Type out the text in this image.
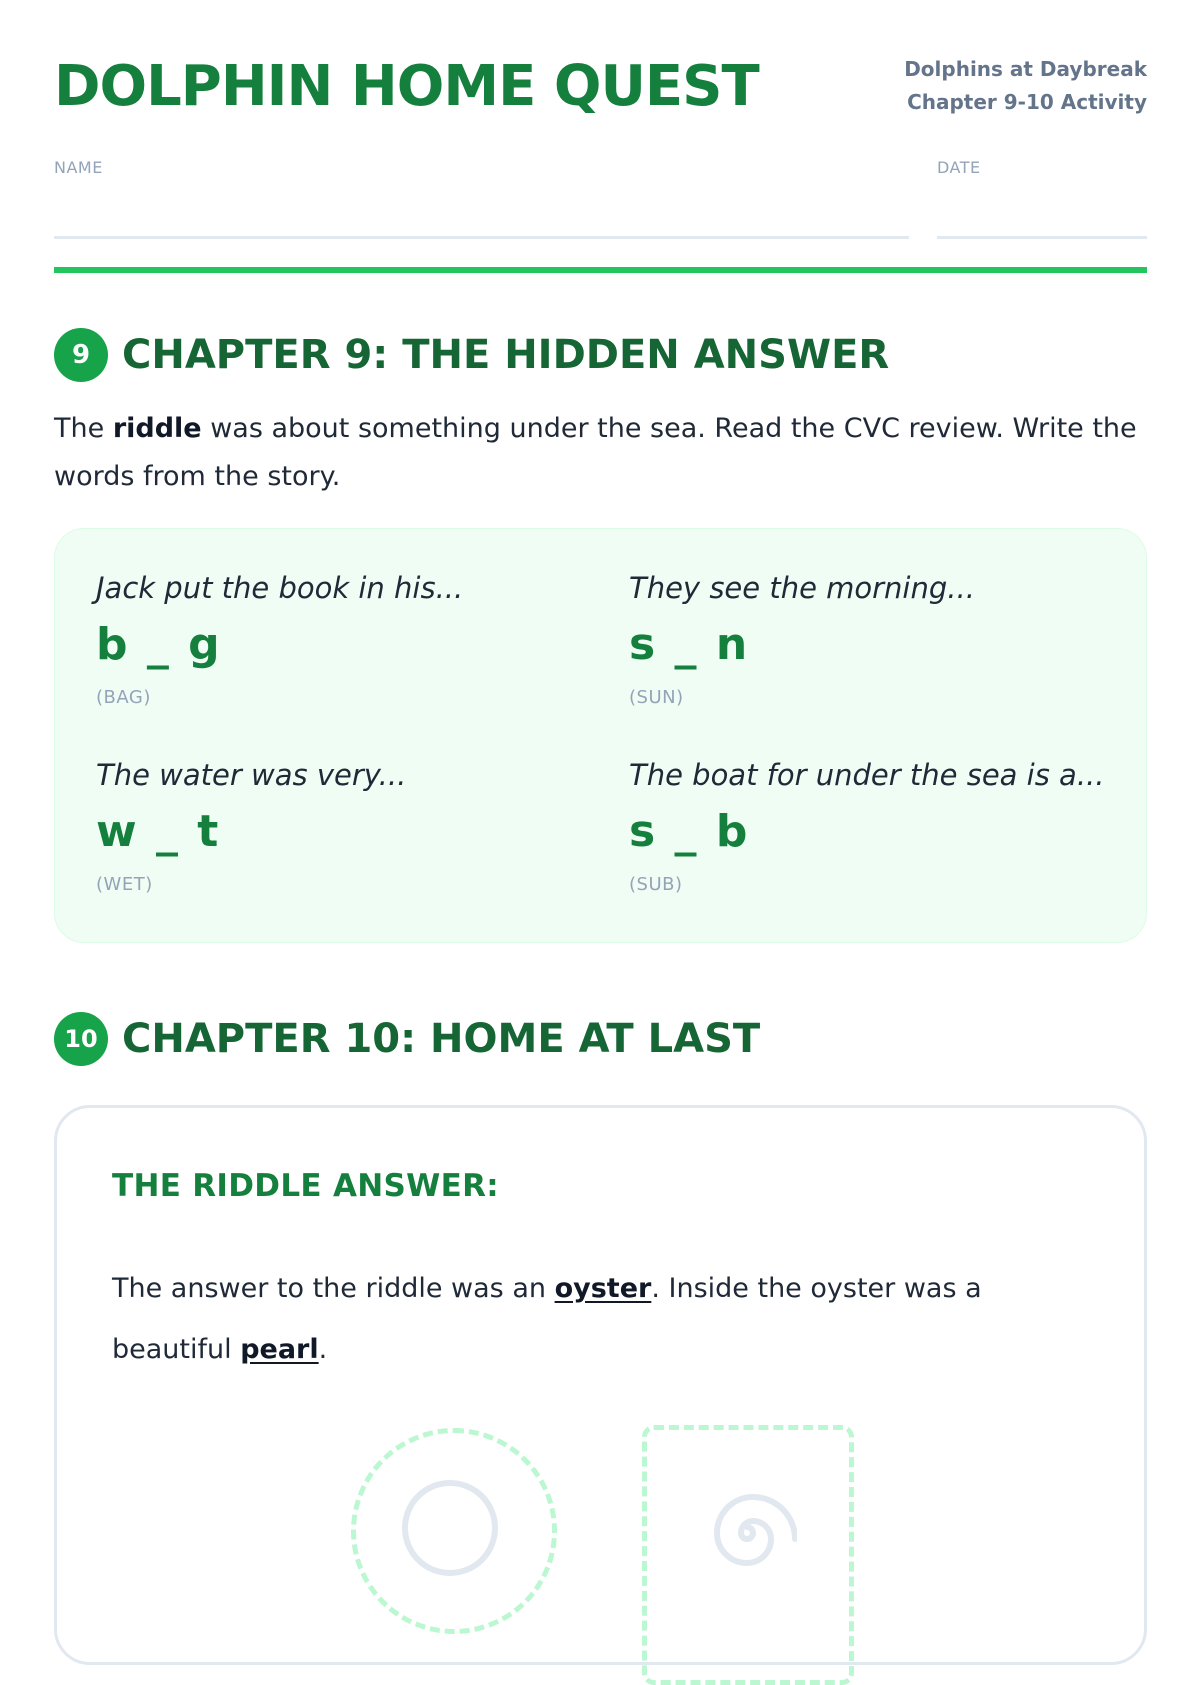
DOLPHIN HOME QUEST	Dolphins at Daybreak
Chapter 9-10 Activity
NAME	DATE
9 CHAPTER 9: THE HIDDEN ANSWER
The riddle was about something under the sea. Read the CVC review. Write the words from the story.
Jack put the book in his...
b _ g
(BAG)
They see the morning...
s _ n
(SUN)
The water was very...
w _ t
(WET)
The boat for under the sea is a...
s _ b
(SUB)
10 CHAPTER 10: HOME AT LAST
THE RIDDLE ANSWER:
The answer to the riddle was an oyster. Inside the oyster was a beautiful pearl.
